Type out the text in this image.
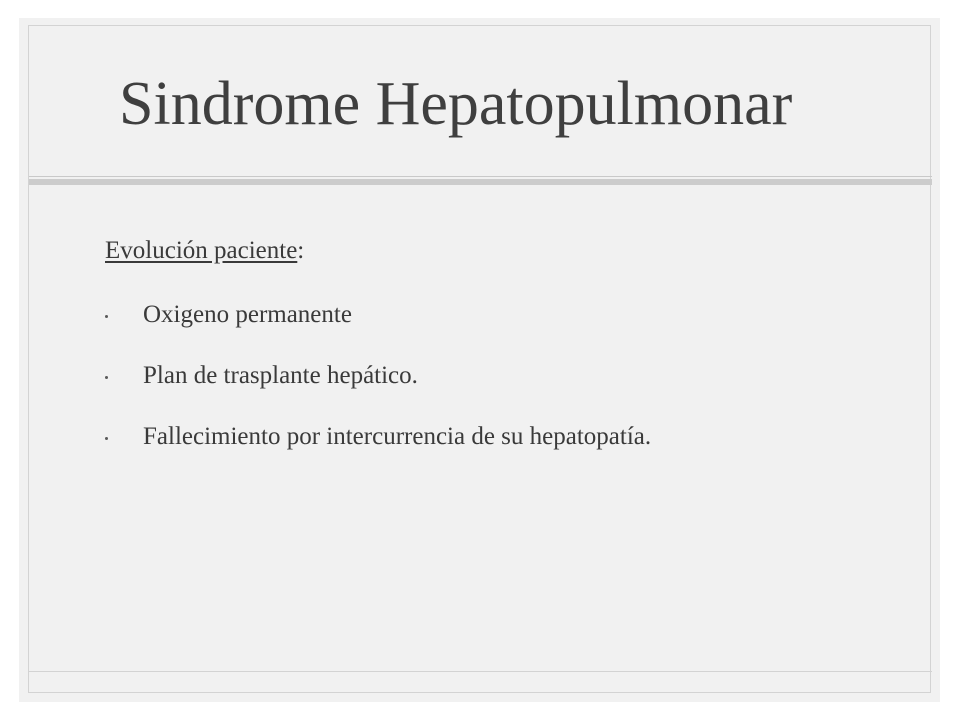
Sindrome Hepatopulmonar

Evolución paciente:

Oxigeno permanente
Plan de trasplante hepático.
Fallecimiento por intercurrencia de su hepatopatía.
